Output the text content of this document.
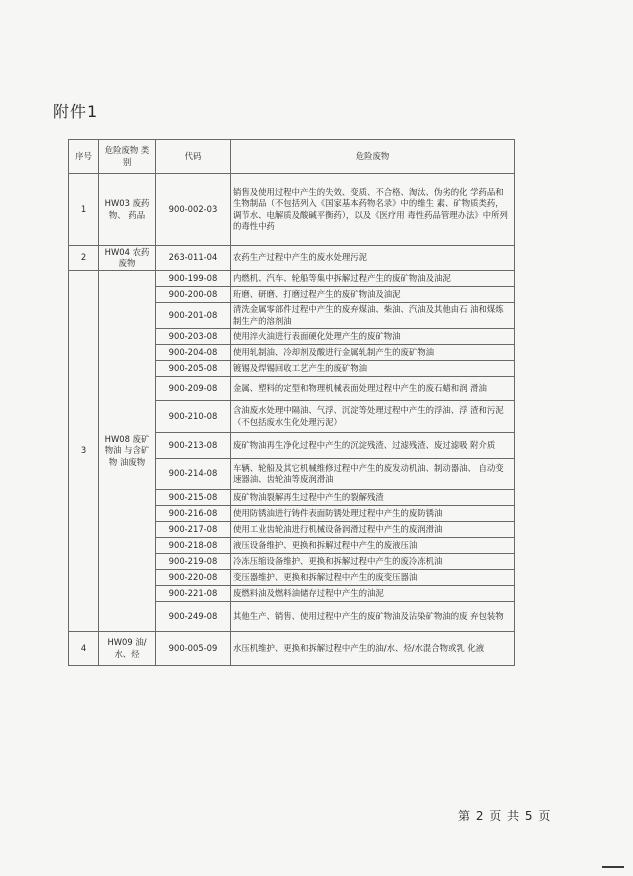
附件1
序号	危险废物 类别	代码	危险废物
1	HW03 废药物、 药品	900-002-03	销售及使用过程中产生的失效、变质、不合格、淘汰、伪劣的化 学药品和生物制品（不包括列入《国家基本药物名录》中的维生 素、矿物质类药，调节水、电解质及酸碱平衡药），以及《医疗用 毒性药品管理办法》中所列的毒性中药
2	HW04 农药废物	263-011-04	农药生产过程中产生的废水处理污泥
3	HW08 废矿物油 与含矿物 油废物	900-199-08	内燃机、汽车、轮船等集中拆解过程产生的废矿物油及油泥
		900-200-08	珩磨、研磨、打磨过程产生的废矿物油及油泥
		900-201-08	清洗金属零部件过程中产生的废弃煤油、柴油、汽油及其他由石 油和煤炼制生产的溶剂油
		900-203-08	使用淬火油进行表面硬化处理产生的废矿物油
		900-204-08	使用轧制油、冷却剂及酸进行金属轧制产生的废矿物油
		900-205-08	镀锡及焊锡回收工艺产生的废矿物油
		900-209-08	金属、塑料的定型和物理机械表面处理过程中产生的废石蜡和润 滑油
		900-210-08	含油废水处理中隔油、气浮、沉淀等处理过程中产生的浮油、浮 渣和污泥（不包括废水生化处理污泥）
		900-213-08	废矿物油再生净化过程中产生的沉淀残渣、过滤残渣、废过滤吸 附介质
		900-214-08	车辆、轮船及其它机械维修过程中产生的废发动机油、制动器油、 自动变速器油、齿轮油等废润滑油
		900-215-08	废矿物油裂解再生过程中产生的裂解残渣
		900-216-08	使用防锈油进行铸件表面防锈处理过程中产生的废防锈油
		900-217-08	使用工业齿轮油进行机械设备润滑过程中产生的废润滑油
		900-218-08	液压设备维护、更换和拆解过程中产生的废液压油
		900-219-08	冷冻压缩设备维护、更换和拆解过程中产生的废冷冻机油
		900-220-08	变压器维护、更换和拆解过程中产生的废变压器油
		900-221-08	废燃料油及燃料油储存过程中产生的油泥
		900-249-08	其他生产、销售、使用过程中产生的废矿物油及沾染矿物油的废 弃包装物
4	HW09 油/水、烃	900-005-09	水压机维护、更换和拆解过程中产生的油/水、烃/水混合物或乳 化液
第 2 页 共 5 页
